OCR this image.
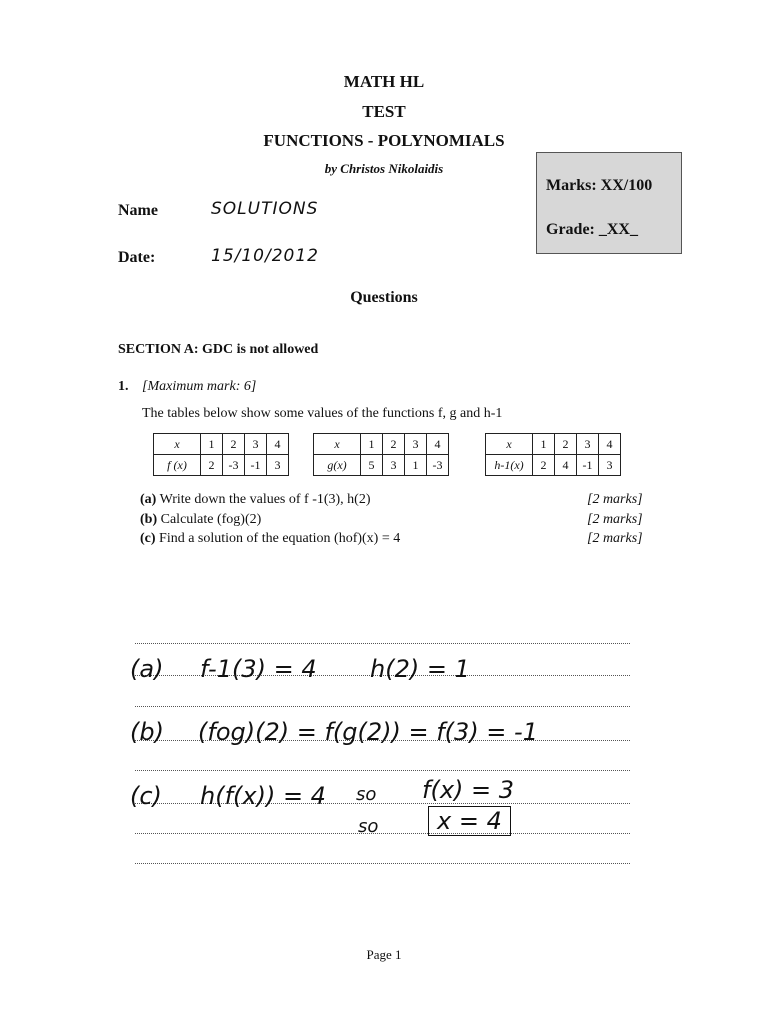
MATH HL
TEST
FUNCTIONS - POLYNOMIALS
by Christos Nikolaidis
Marks: XX/100
Grade: _XX_
Name	SOLUTIONS
Date:	15/10/2012
Questions
SECTION A: GDC is not allowed
1. [Maximum mark: 6]
The tables below show some values of the functions f, g and h-1
x	1	2	3	4
f (x)	2	-3	-1	3
x	1	2	3	4
g(x)	5	3	1	-3
x	1	2	3	4
h-1(x)	2	4	-1	3
(a) Write down the values of f -1(3), h(2)	[2 marks]
(b) Calculate (fog)(2)	[2 marks]
(c) Find a solution of the equation (hof)(x) = 4	[2 marks]
(a) f-1(3) = 4 h(2) = 1
(b) (fog)(2) = f(g(2)) = f(3) = -1
(c) h(f(x)) = 4 so f(x) = 3
so	x = 4
Page 1
